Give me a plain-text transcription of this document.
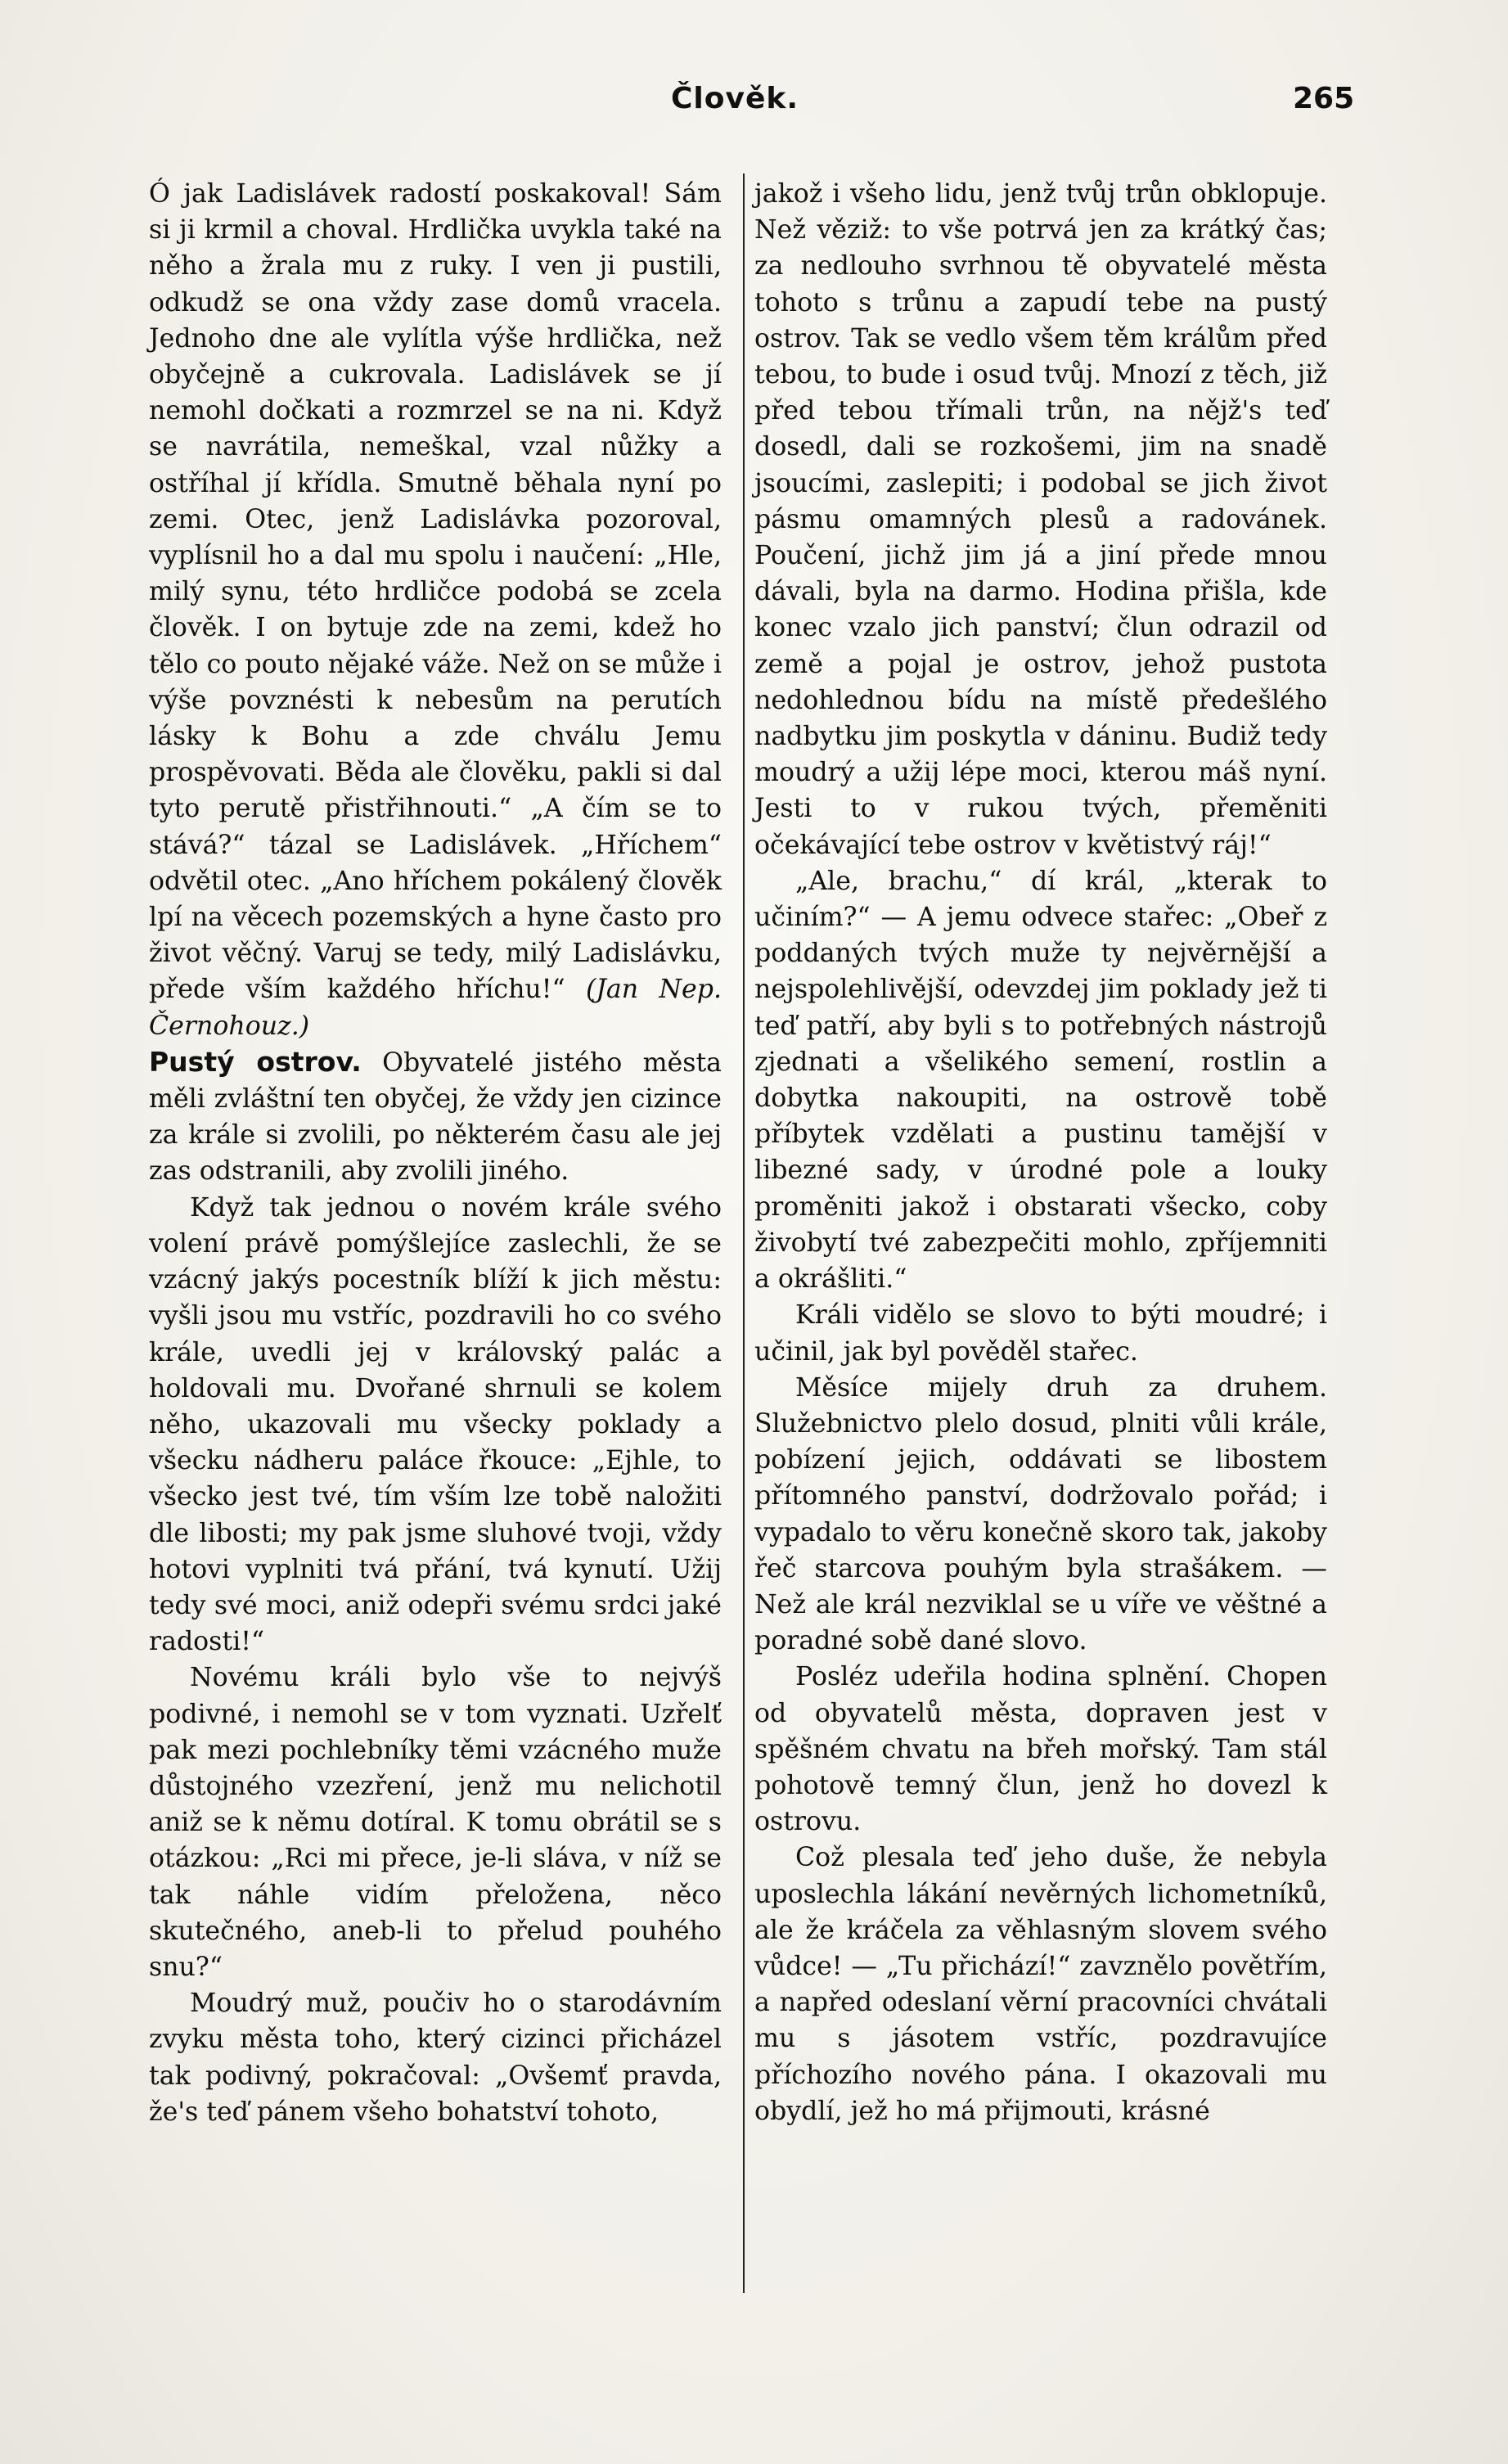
Člověk.	265

Ó jak Ladislávek radostí poskakoval! Sám si ji krmil a choval. Hrdlička uvykla také na něho a žrala mu z ruky. I ven ji pustili, odkudž se ona vždy zase domů vracela. Jednoho dne ale vylítla výše hrdlička, než obyčejně a cukrovala. Ladislávek se jí nemohl dočkati a rozmrzel se na ni. Když se navrátila, nemeškal, vzal nůžky a ostříhal jí křídla. Smutně běhala nyní po zemi. Otec, jenž Ladislávka pozoroval, vyplísnil ho a dal mu spolu i naučení: „Hle, milý synu, této hrdličce podobá se zcela člověk. I on bytuje zde na zemi, kdež ho tělo co pouto nějaké váže. Než on se může i výše povznésti k nebesům na perutích lásky k Bohu a zde chválu Jemu prospěvovati. Běda ale člověku, pakli si dal tyto perutě přistřihnouti.“ „A čím se to stává?“ tázal se Ladislávek. „Hříchem“ odvětil otec. „Ano hříchem pokálený člověk lpí na věcech pozemských a hyne často pro život věčný. Varuj se tedy, milý Ladislávku, přede vším každého hříchu!“ (Jan Nep. Černohouz.)

Pustý ostrov. Obyvatelé jistého města měli zvláštní ten obyčej, že vždy jen cizince za krále si zvolili, po některém času ale jej zas odstranili, aby zvolili jiného.

Když tak jednou o novém krále svého volení právě pomýšlejíce zaslechli, že se vzácný jakýs pocestník blíží k jich městu: vyšli jsou mu vstříc, pozdravili ho co svého krále, uvedli jej v královský palác a holdovali mu. Dvořané shrnuli se kolem něho, ukazovali mu všecky poklady a všecku nádheru paláce řkouce: „Ejhle, to všecko jest tvé, tím vším lze tobě naložiti dle libosti; my pak jsme sluhové tvoji, vždy hotovi vyplniti tvá přání, tvá kynutí. Užij tedy své moci, aniž odepři svému srdci jaké radosti!“

Novému králi bylo vše to nejvýš podivné, i nemohl se v tom vyznati. Uzřelť pak mezi pochlebníky těmi vzácného muže důstojného vzezření, jenž mu nelichotil aniž se k němu dotíral. K tomu obrátil se s otázkou: „Rci mi přece, je-li sláva, v níž se tak náhle vidím přeložena, něco skutečného, aneb-li to přelud pouhého snu?“

Moudrý muž, poučiv ho o starodávním zvyku města toho, který cizinci přicházel tak podivný, pokračoval: „Ovšemť pravda, že's teď pánem všeho bohatství tohoto,

jakož i všeho lidu, jenž tvůj trůn obklopuje. Než věziž: to vše potrvá jen za krátký čas; za nedlouho svrhnou tě obyvatelé města tohoto s trůnu a zapudí tebe na pustý ostrov. Tak se vedlo všem těm králům před tebou, to bude i osud tvůj. Mnozí z těch, již před tebou třímali trůn, na nějž's teď dosedl, dali se rozkošemi, jim na snadě jsoucími, zaslepiti; i podobal se jich život pásmu omamných plesů a radovánek. Poučení, jichž jim já a jiní přede mnou dávali, byla na darmo. Hodina přišla, kde konec vzalo jich panství; člun odrazil od země a pojal je ostrov, jehož pustota nedohlednou bídu na místě předešlého nadbytku jim poskytla v dáninu. Budiž tedy moudrý a užij lépe moci, kterou máš nyní. Jesti to v rukou tvých, přeměniti očekávající tebe ostrov v květistvý ráj!“

„Ale, brachu,“ dí král, „kterak to učiním?“ — A jemu odvece stařec: „Obeř z poddaných tvých muže ty nejvěrnější a nejspolehlivější, odevzdej jim poklady jež ti teď patří, aby byli s to potřebných nástrojů zjednati a všelikého semení, rostlin a dobytka nakoupiti, na ostrově tobě příbytek vzdělati a pustinu tamější v libezné sady, v úrodné pole a louky proměniti jakož i obstarati všecko, coby živobytí tvé zabezpečiti mohlo, zpříjemniti a okrášliti.“

Králi vidělo se slovo to býti moudré; i učinil, jak byl pověděl stařec.

Měsíce mijely druh za druhem. Služebnictvo plelo dosud, plniti vůli krále, pobízení jejich, oddávati se libostem přítomného panství, dodržovalo pořád; i vypadalo to věru konečně skoro tak, jakoby řeč starcova pouhým byla strašákem. — Než ale král nezviklal se u víře ve věštné a poradné sobě dané slovo.

Posléz udeřila hodina splnění. Chopen od obyvatelů města, dopraven jest v spěšném chvatu na břeh mořský. Tam stál pohotově temný člun, jenž ho dovezl k ostrovu.

Což plesala teď jeho duše, že nebyla uposlechla lákání nevěrných lichometníků, ale že kráčela za věhlasným slovem svého vůdce! — „Tu přichází!“ zavznělo povětřím, a napřed odeslaní věrní pracovníci chvátali mu s jásotem vstříc, pozdravujíce příchozího nového pána. I okazovali mu obydlí, jež ho má přijmouti, krásné
